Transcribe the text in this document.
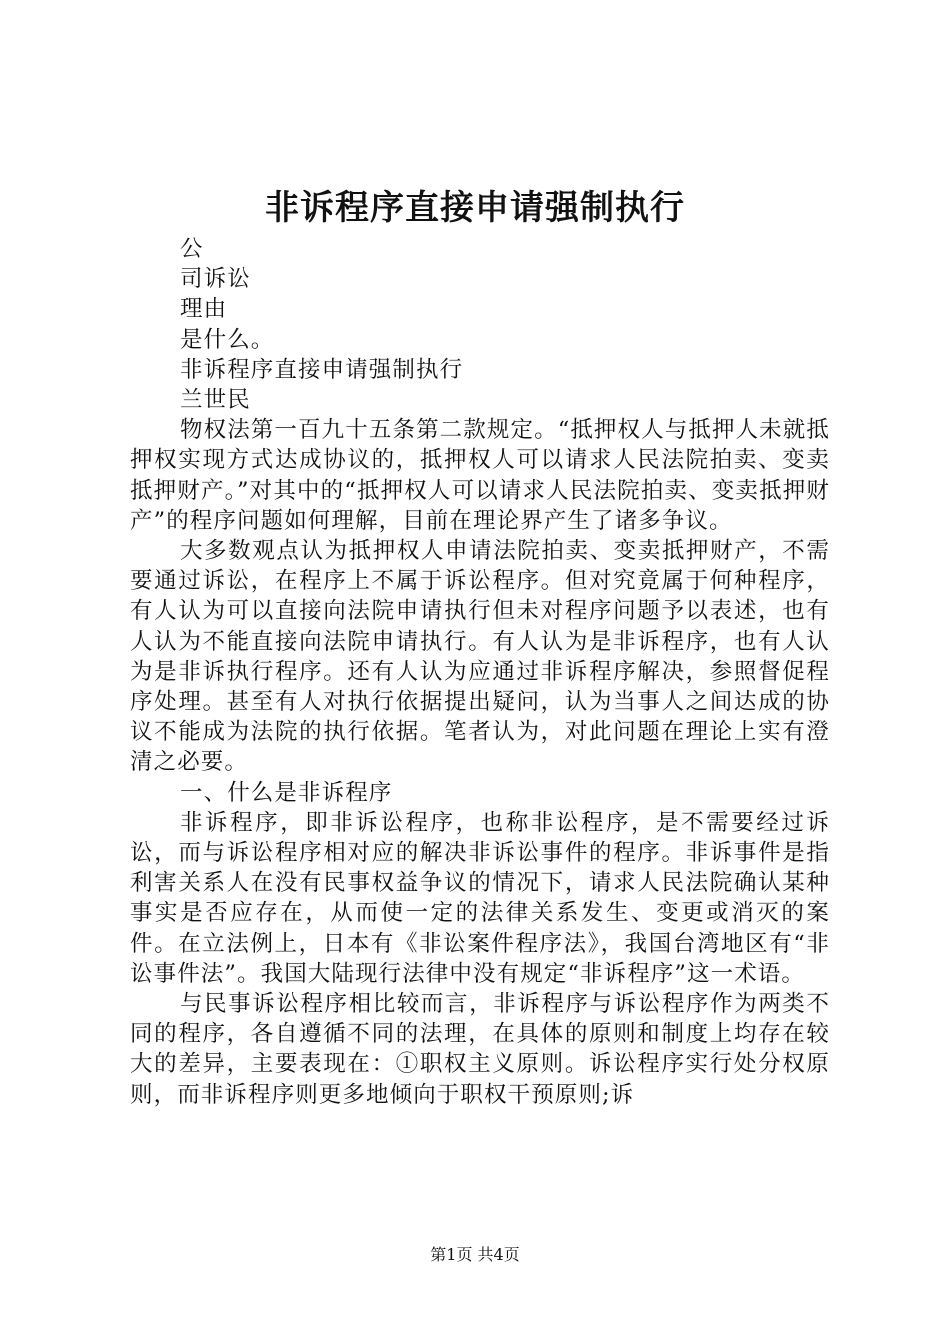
非诉程序直接申请强制执行

公

司诉讼

理由

是什么。

非诉程序直接申请强制执行

兰世民

物权法第一百九十五条第二款规定。“抵押权人与抵押人未就抵押权实现方式达成协议的，抵押权人可以请求人民法院拍卖、变卖抵押财产。”对其中的“抵押权人可以请求人民法院拍卖、变卖抵押财产”的程序问题如何理解，目前在理论界产生了诸多争议。

大多数观点认为抵押权人申请法院拍卖、变卖抵押财产，不需要通过诉讼，在程序上不属于诉讼程序。但对究竟属于何种程序，有人认为可以直接向法院申请执行但未对程序问题予以表述，也有人认为不能直接向法院申请执行。有人认为是非诉程序，也有人认为是非诉执行程序。还有人认为应通过非诉程序解决，参照督促程序处理。甚至有人对执行依据提出疑问，认为当事人之间达成的协议不能成为法院的执行依据。笔者认为，对此问题在理论上实有澄清之必要。

一、什么是非诉程序

非诉程序，即非诉讼程序，也称非讼程序，是不需要经过诉讼，而与诉讼程序相对应的解决非诉讼事件的程序。非诉事件是指利害关系人在没有民事权益争议的情况下，请求人民法院确认某种事实是否应存在，从而使一定的法律关系发生、变更或消灭的案件。在立法例上，日本有《非讼案件程序法》，我国台湾地区有“非讼事件法”。我国大陆现行法律中没有规定“非诉程序”这一术语。

与民事诉讼程序相比较而言，非诉程序与诉讼程序作为两类不同的程序，各自遵循不同的法理，在具体的原则和制度上均存在较大的差异，主要表现在：①职权主义原则。诉讼程序实行处分权原则，而非诉程序则更多地倾向于职权干预原则;诉

第1页 共4页
